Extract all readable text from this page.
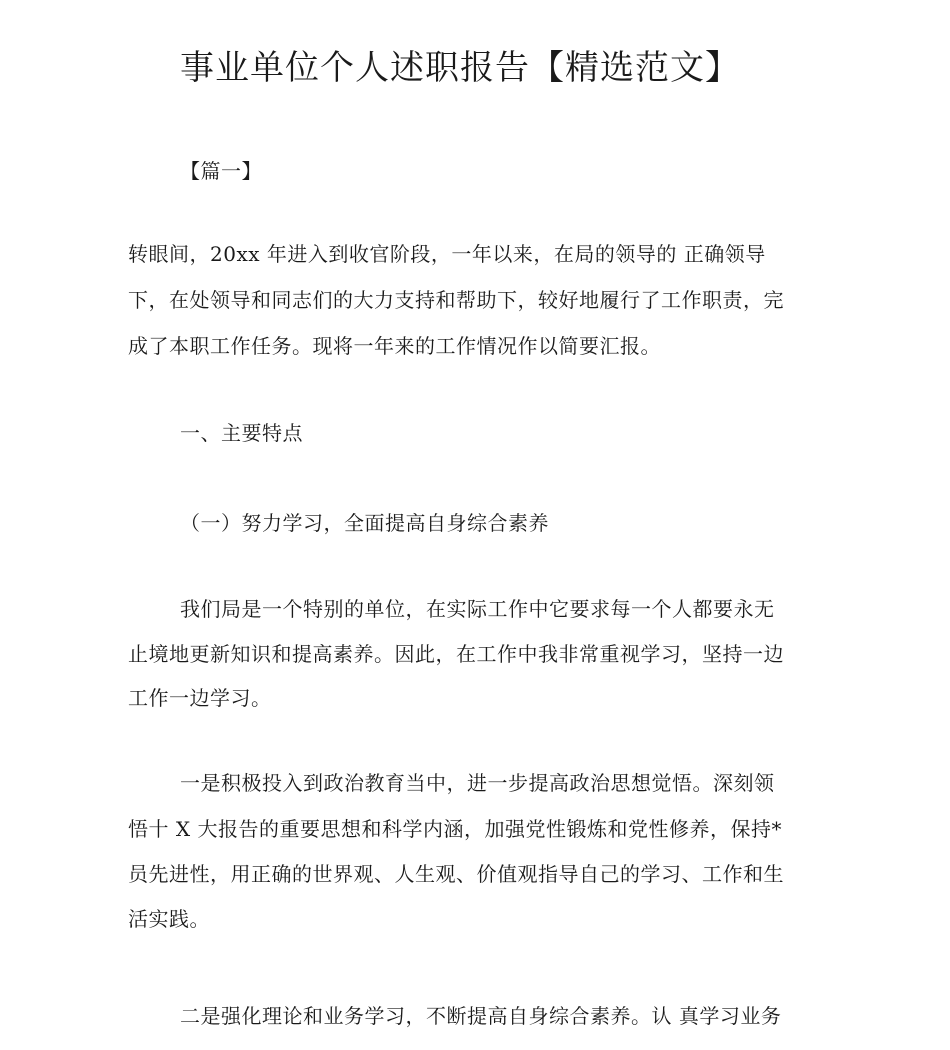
事业单位个人述职报告【精选范文】
【篇一】
转眼间，20xx 年进入到收官阶段，一年以来，在局的领导的 正确领导
下，在处领导和同志们的大力支持和帮助下，较好地履行了工作职责，完
成了本职工作任务。现将一年来的工作情况作以简要汇报。
一、主要特点
（一）努力学习，全面提高自身综合素养
我们局是一个特别的单位，在实际工作中它要求每一个人都要永无
止境地更新知识和提高素养。因此，在工作中我非常重视学习，坚持一边
工作一边学习。
一是积极投入到政治教育当中，进一步提高政治思想觉悟。深刻领
悟十 X 大报告的重要思想和科学内涵，加强党性锻炼和党性修养，保持*
员先进性，用正确的世界观、人生观、价值观指导自己的学习、工作和生
活实践。
二是强化理论和业务学习，不断提高自身综合素养。认 真学习业务
